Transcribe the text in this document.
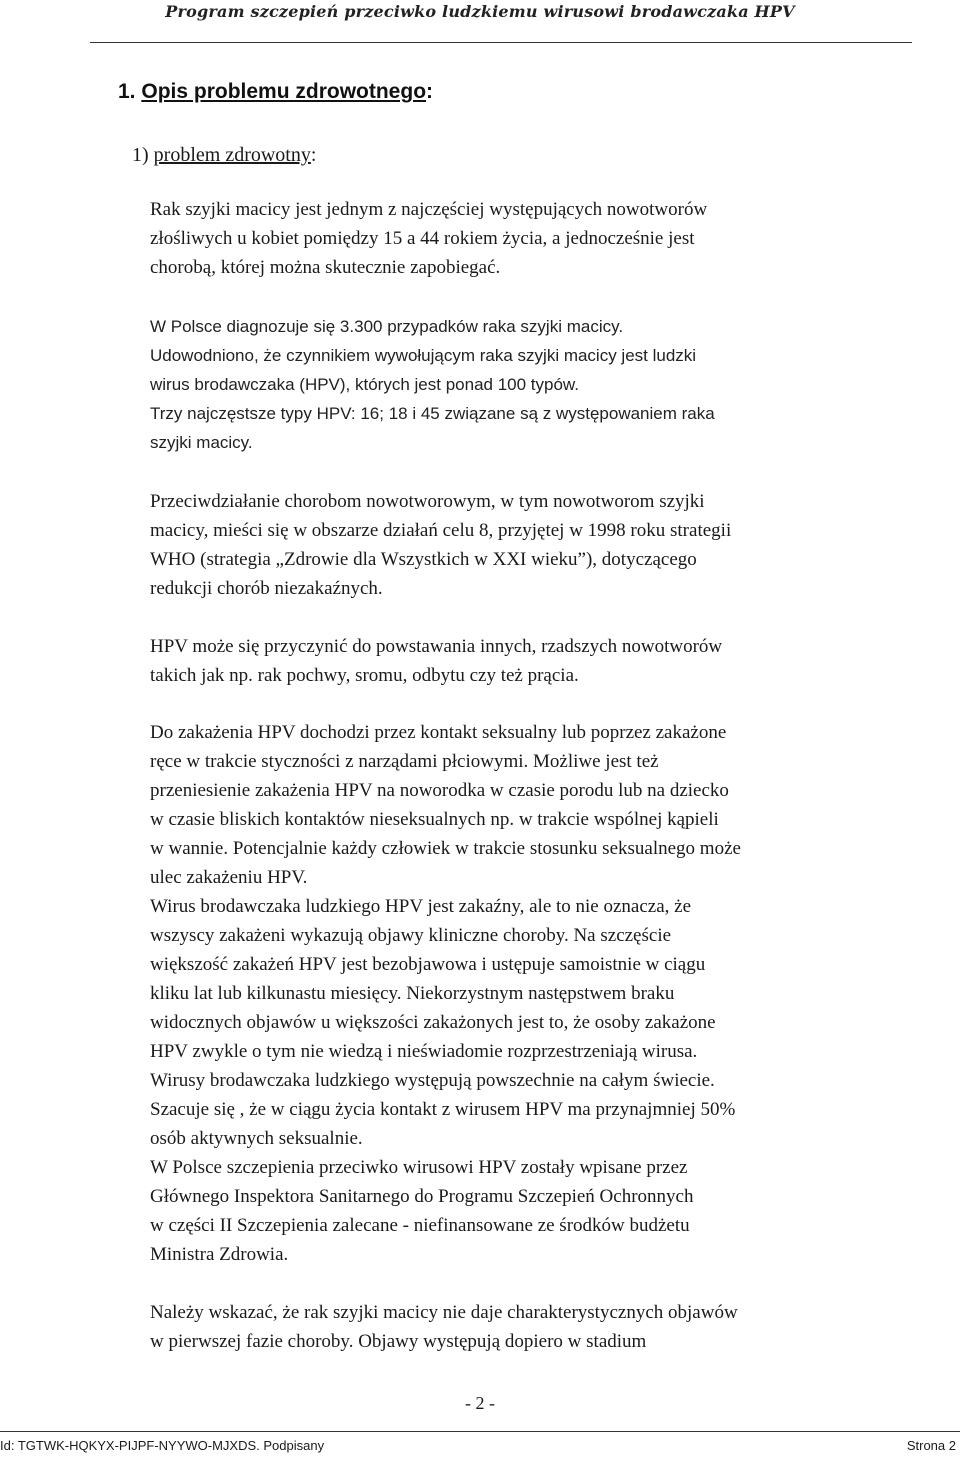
Program szczepień przeciwko ludzkiemu wirusowi brodawczaka HPV
1. Opis problemu zdrowotnego:
1) problem zdrowotny:
Rak szyjki macicy jest jednym z najczęściej występujących nowotworów
złośliwych u kobiet pomiędzy 15 a 44 rokiem życia, a jednocześnie jest
chorobą, której można skutecznie zapobiegać.
W Polsce diagnozuje się 3.300 przypadków raka szyjki macicy.
Udowodniono, że czynnikiem wywołującym raka szyjki macicy jest ludzki
wirus brodawczaka (HPV), których jest ponad 100 typów.
Trzy najczęstsze typy HPV: 16; 18 i 45 związane są z występowaniem raka
szyjki macicy.
Przeciwdziałanie chorobom nowotworowym, w tym nowotworom szyjki
macicy, mieści się w obszarze działań celu 8, przyjętej w 1998 roku strategii
WHO (strategia „Zdrowie dla Wszystkich w XXI wieku”), dotyczącego
redukcji chorób niezakaźnych.
HPV może się przyczynić do powstawania innych, rzadszych nowotworów
takich jak np. rak pochwy, sromu, odbytu czy też prącia.
Do zakażenia HPV dochodzi przez kontakt seksualny lub poprzez zakażone
ręce w trakcie styczności z narządami płciowymi. Możliwe jest też
przeniesienie zakażenia HPV na noworodka w czasie porodu lub na dziecko
w czasie bliskich kontaktów nieseksualnych np. w trakcie wspólnej kąpieli
w wannie. Potencjalnie każdy człowiek w trakcie stosunku seksualnego może
ulec zakażeniu HPV.
Wirus brodawczaka ludzkiego HPV jest zakaźny, ale to nie oznacza, że
wszyscy zakażeni wykazują objawy kliniczne choroby. Na szczęście
większość zakażeń HPV jest bezobjawowa i ustępuje samoistnie w ciągu
kliku lat lub kilkunastu miesięcy. Niekorzystnym następstwem braku
widocznych objawów u większości zakażonych jest to, że osoby zakażone
HPV zwykle o tym nie wiedzą i nieświadomie rozprzestrzeniają wirusa.
Wirusy brodawczaka ludzkiego występują powszechnie na całym świecie.
Szacuje się , że w ciągu życia kontakt z wirusem HPV ma przynajmniej 50%
osób aktywnych seksualnie.
W Polsce szczepienia przeciwko wirusowi HPV zostały wpisane przez
Głównego Inspektora Sanitarnego do Programu Szczepień Ochronnych
w części II Szczepienia zalecane - niefinansowane ze środków budżetu
Ministra Zdrowia.
Należy wskazać, że rak szyjki macicy nie daje charakterystycznych objawów
w pierwszej fazie choroby. Objawy występują dopiero w stadium
- 2 -
Id: TGTWK-HQKYX-PIJPF-NYYWO-MJXDS. Podpisany	Strona 2
